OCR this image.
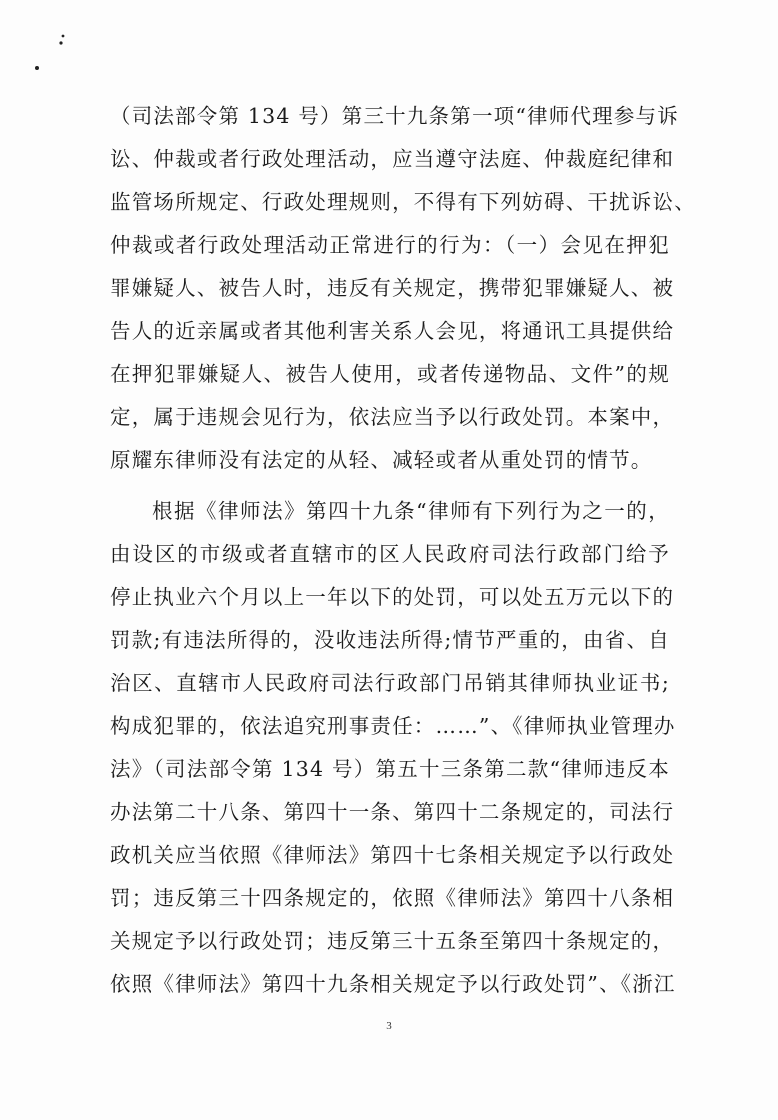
（司法部令第 134 号）第三十九条第一项“律师代理参与诉
讼、仲裁或者行政处理活动，应当遵守法庭、仲裁庭纪律和
监管场所规定、行政处理规则，不得有下列妨碍、干扰诉讼、
仲裁或者行政处理活动正常进行的行为：（一）会见在押犯
罪嫌疑人、被告人时，违反有关规定，携带犯罪嫌疑人、被
告人的近亲属或者其他利害关系人会见，将通讯工具提供给
在押犯罪嫌疑人、被告人使用，或者传递物品、文件”的规
定，属于违规会见行为，依法应当予以行政处罚。本案中，
原耀东律师没有法定的从轻、减轻或者从重处罚的情节。
根据《律师法》第四十九条“律师有下列行为之一的，
由设区的市级或者直辖市的区人民政府司法行政部门给予
停止执业六个月以上一年以下的处罚，可以处五万元以下的
罚款;有违法所得的，没收违法所得;情节严重的，由省、自
治区、直辖市人民政府司法行政部门吊销其律师执业证书;
构成犯罪的，依法追究刑事责任：……”、《律师执业管理办
法》（司法部令第 134 号）第五十三条第二款“律师违反本
办法第二十八条、第四十一条、第四十二条规定的，司法行
政机关应当依照《律师法》第四十七条相关规定予以行政处
罚；违反第三十四条规定的，依照《律师法》第四十八条相
关规定予以行政处罚；违反第三十五条至第四十条规定的，
依照《律师法》第四十九条相关规定予以行政处罚”、《浙江
3
